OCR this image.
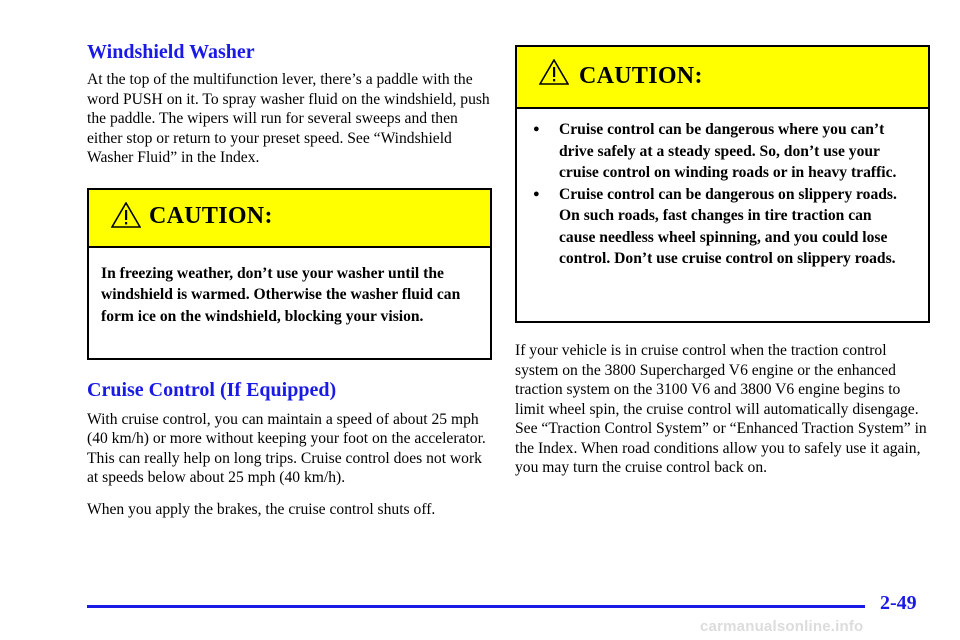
Windshield Washer

At the top of the multifunction lever, there’s a paddle with the word PUSH on it. To spray washer fluid on the windshield, push the paddle. The wipers will run for several sweeps and then either stop or return to your preset speed. See “Windshield Washer Fluid” in the Index.

CAUTION:
In freezing weather, don’t use your washer until the windshield is warmed. Otherwise the washer fluid can form ice on the windshield, blocking your vision.
Cruise Control (If Equipped)

With cruise control, you can maintain a speed of about 25 mph (40 km/h) or more without keeping your foot on the accelerator. This can really help on long trips. Cruise control does not work at speeds below about 25 mph (40 km/h).

When you apply the brakes, the cruise control shuts off.

CAUTION:
● Cruise control can be dangerous where you can’t drive safely at a steady speed. So, don’t use your cruise control on winding roads or in heavy traffic.
● Cruise control can be dangerous on slippery roads. On such roads, fast changes in tire traction can cause needless wheel spinning, and you could lose control. Don’t use cruise control on slippery roads.

If your vehicle is in cruise control when the traction control system on the 3800 Supercharged V6 engine or the enhanced traction system on the 3100 V6 and 3800 V6 engine begins to limit wheel spin, the cruise control will automatically disengage. See “Traction Control System” or “Enhanced Traction System” in the Index. When road conditions allow you to safely use it again, you may turn the cruise control back on.

2-49
carmanualsonline.info
